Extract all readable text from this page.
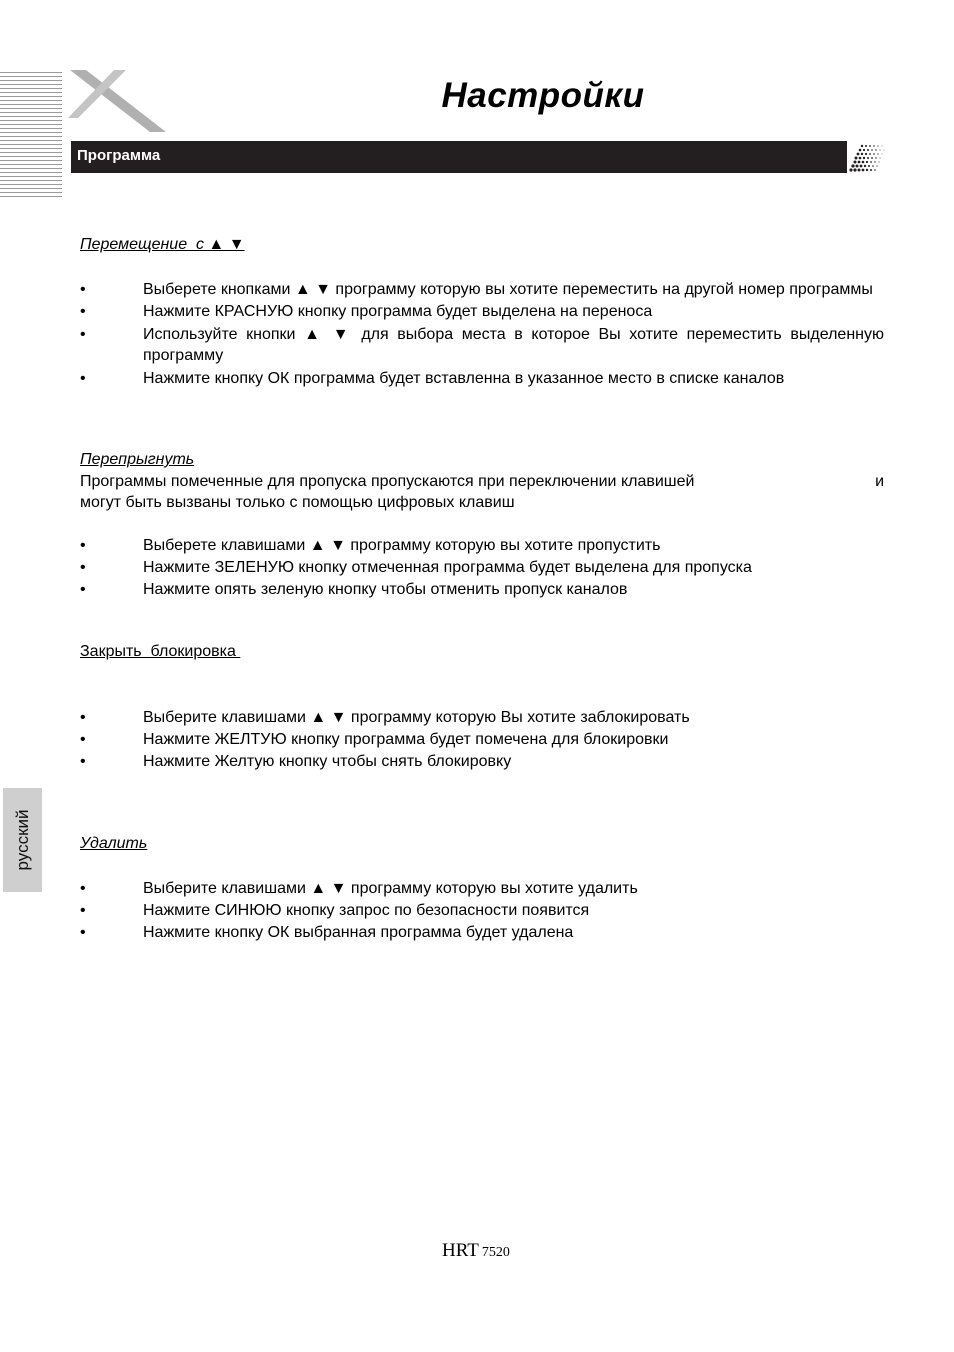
Настройки
Программа
русский
Перемещение  с ▲ ▼
• Выберете кнопками ▲ ▼ программу которую вы хотите переместить на другой номер программы
• Нажмите КРАСНУЮ кнопку программа будет выделена на переноса
• Используйте кнопки ▲ ▼ для выбора места в которое Вы хотите переместить выделенную программу
• Нажмите кнопку ОК программа будет вставленна в указанное место в списке каналов
Перепрыгнуть
Программы помеченные для пропуска пропускаются при переключении клавишей	и
могут быть вызваны только с помощью цифровых клавиш
• Выберете клавишами ▲ ▼ программу которую вы хотите пропустить
• Нажмите ЗЕЛЕНУЮ кнопку отмеченная программа будет выделена для пропуска
• Нажмите опять зеленую кнопку чтобы отменить пропуск каналов
Закрыть  блокировка
• Выберите клавишами ▲ ▼ программу которую Вы хотите заблокировать
• Нажмите ЖЕЛТУЮ кнопку программа будет помечена для блокировки
• Нажмите Желтую кнопку чтобы снять блокировку
Удалить
• Выберите клавишами ▲ ▼ программу которую вы хотите удалить
• Нажмите СИНЮЮ кнопку запрос по безопасности появится
• Нажмите кнопку ОК выбранная программа будет удалена
HRT 7520
